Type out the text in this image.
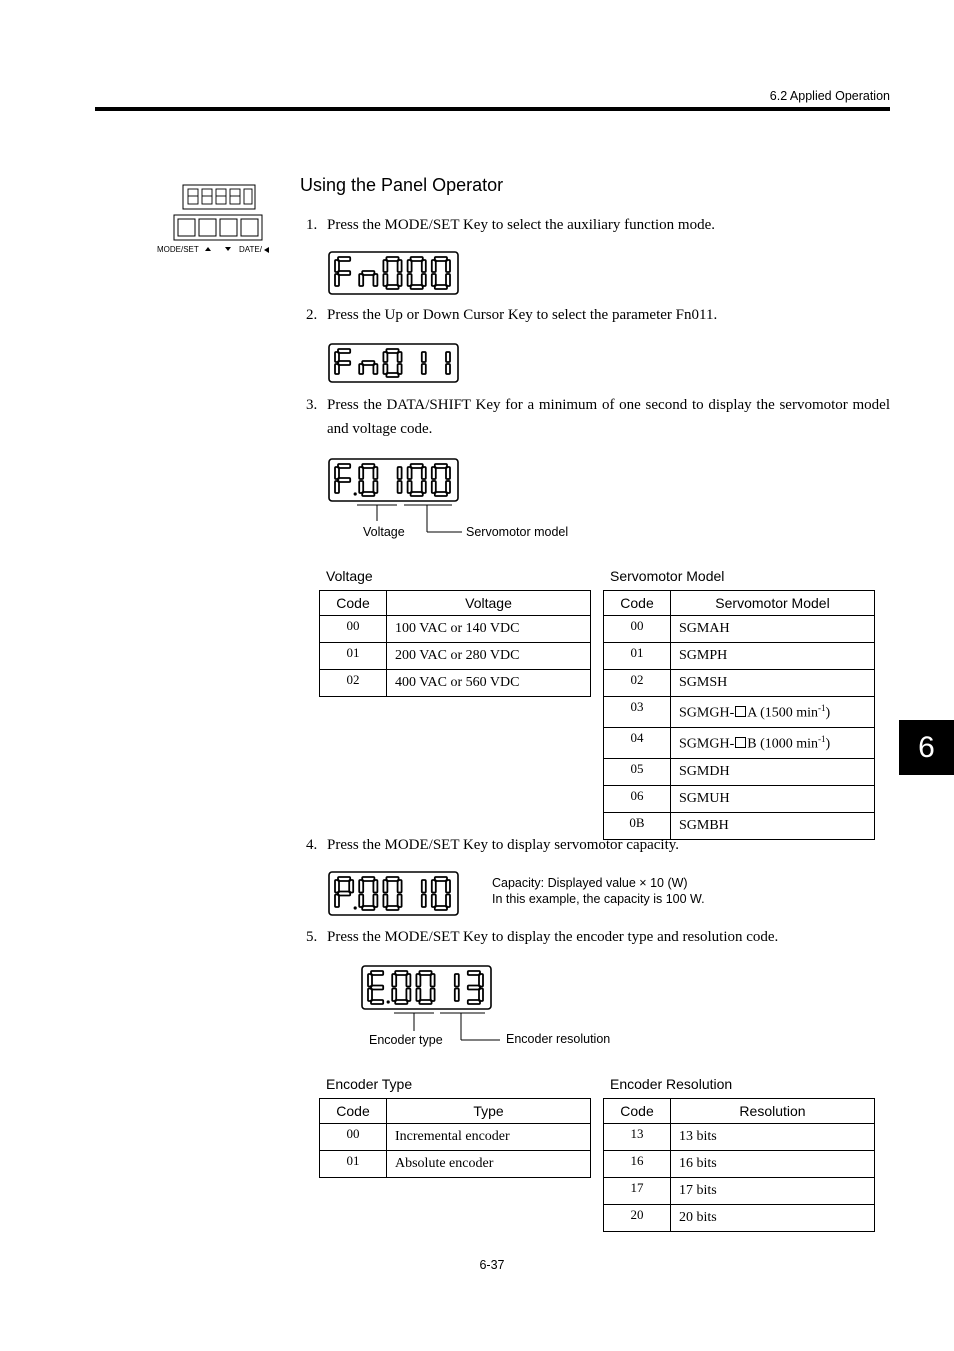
6.2 Applied Operation
MODE/SET	DATE/
Using the Panel Operator
1. Press the MODE/SET Key to select the auxiliary function mode.
2. Press the Up or Down Cursor Key to select the parameter Fn011.
3. Press the DATA/SHIFT Key for a minimum of one second to display the servomotor model and voltage code.
Voltage	Servomotor model
Voltage
Code	Voltage
00	100 VAC or 140 VDC
01	200 VAC or 280 VDC
02	400 VAC or 560 VDC
Servomotor Model
Code	Servomotor Model
00	SGMAH
01	SGMPH
02	SGMSH
03	SGMGH- A (1500 $\min^{-1}$)
04	SGMGH- B (1000 $\min^{-1}$)
05	SGMDH
06	SGMUH
0B	SGMBH
4. Press the MODE/SET Key to display servomotor capacity.
Capacity: Displayed value × 10 (W)
In this example, the capacity is 100 W.
5. Press the MODE/SET Key to display the encoder type and resolution code.
Encoder type	Encoder resolution
Encoder Type
Code	Type
00	Incremental encoder
01	Absolute encoder
Encoder Resolution
Code	Resolution
13	13 bits
16	16 bits
17	17 bits
20	20 bits
6
6-37
